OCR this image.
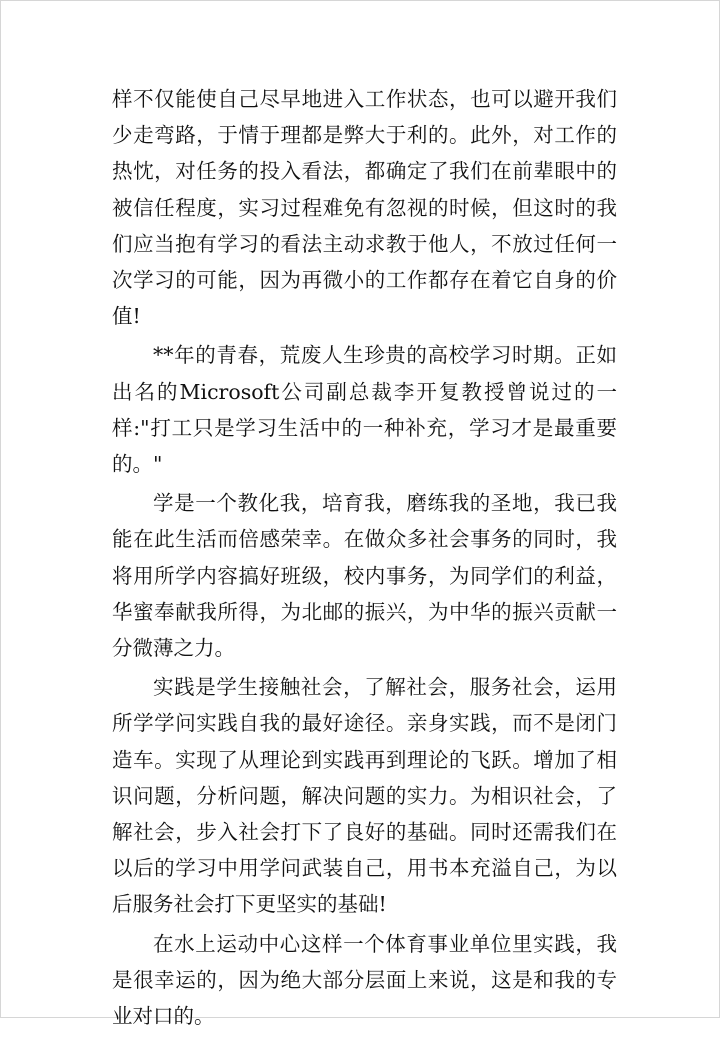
样不仅能使自己尽早地进入工作状态，也可以避开我们少走弯路，于情于理都是弊大于利的。此外，对工作的热忱，对任务的投入看法，都确定了我们在前辈眼中的被信任程度，实习过程难免有忽视的时候，但这时的我们应当抱有学习的看法主动求教于他人，不放过任何一次学习的可能，因为再微小的工作都存在着它自身的价值!

**年的青春，荒废人生珍贵的高校学习时期。正如出名的Microsoft公司副总裁李开复教授曾说过的一样:"打工只是学习生活中的一种补充，学习才是最重要的。"

学是一个教化我，培育我，磨练我的圣地，我已我能在此生活而倍感荣幸。在做众多社会事务的同时，我将用所学内容搞好班级，校内事务，为同学们的利益，华蜜奉献我所得，为北邮的振兴，为中华的振兴贡献一分微薄之力。

实践是学生接触社会，了解社会，服务社会，运用所学学问实践自我的最好途径。亲身实践，而不是闭门造车。实现了从理论到实践再到理论的飞跃。增加了相识问题，分析问题，解决问题的实力。为相识社会，了解社会，步入社会打下了良好的基础。同时还需我们在以后的学习中用学问武装自己，用书本充溢自己，为以后服务社会打下更坚实的基础!

在水上运动中心这样一个体育事业单位里实践，我是很幸运的，因为绝大部分层面上来说，这是和我的专业对口的。
